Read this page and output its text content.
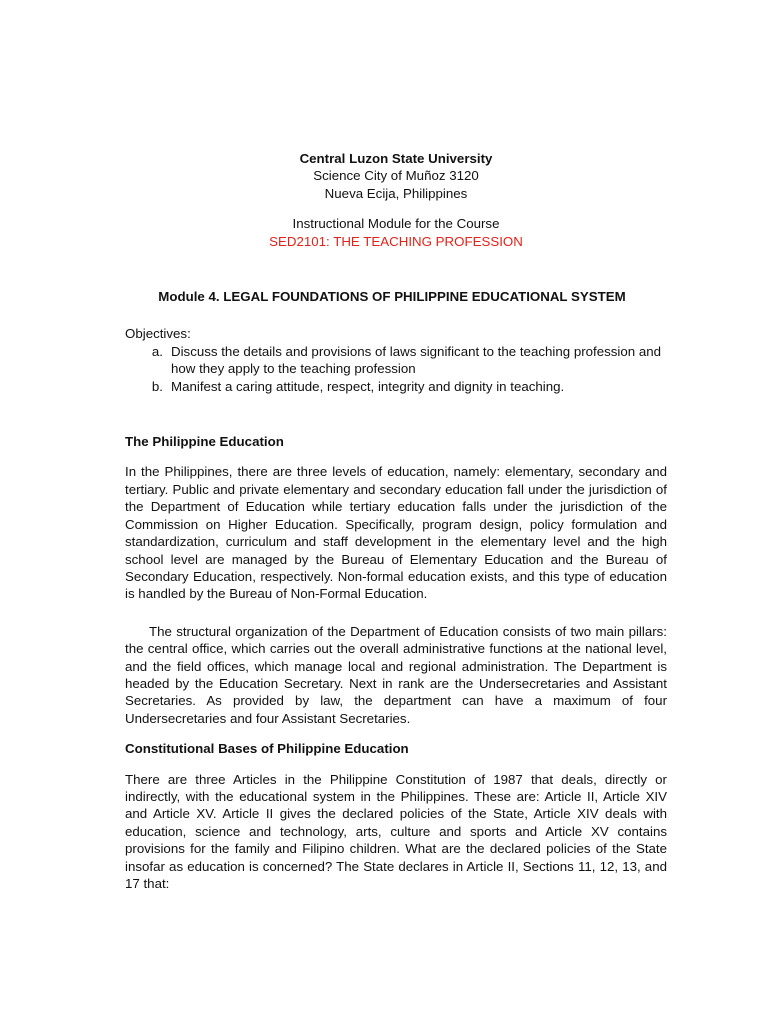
Central Luzon State University
Science City of Muñoz 3120
Nueva Ecija, Philippines
Instructional Module for the Course
SED2101: THE TEACHING PROFESSION
Module 4. LEGAL FOUNDATIONS OF PHILIPPINE EDUCATIONAL SYSTEM
Objectives:
a. Discuss the details and provisions of laws significant to the teaching profession and how they apply to the teaching profession
b. Manifest a caring attitude, respect, integrity and dignity in teaching.
The Philippine Education

In the Philippines, there are three levels of education, namely: elementary, secondary and tertiary. Public and private elementary and secondary education fall under the jurisdiction of the Department of Education while tertiary education falls under the jurisdiction of the Commission on Higher Education. Specifically, program design, policy formulation and standardization, curriculum and staff development in the elementary level and the high school level are managed by the Bureau of Elementary Education and the Bureau of Secondary Education, respectively. Non-formal education exists, and this type of education is handled by the Bureau of Non-Formal Education.

The structural organization of the Department of Education consists of two main pillars: the central office, which carries out the overall administrative functions at the national level, and the field offices, which manage local and regional administration. The Department is headed by the Education Secretary. Next in rank are the Undersecretaries and Assistant Secretaries. As provided by law, the department can have a maximum of four Undersecretaries and four Assistant Secretaries.

Constitutional Bases of Philippine Education

There are three Articles in the Philippine Constitution of 1987 that deals, directly or indirectly, with the educational system in the Philippines. These are: Article II, Article XIV and Article XV. Article II gives the declared policies of the State, Article XIV deals with education, science and technology, arts, culture and sports and Article XV contains provisions for the family and Filipino children. What are the declared policies of the State insofar as education is concerned? The State declares in Article II, Sections 11, 12, 13, and 17 that:
